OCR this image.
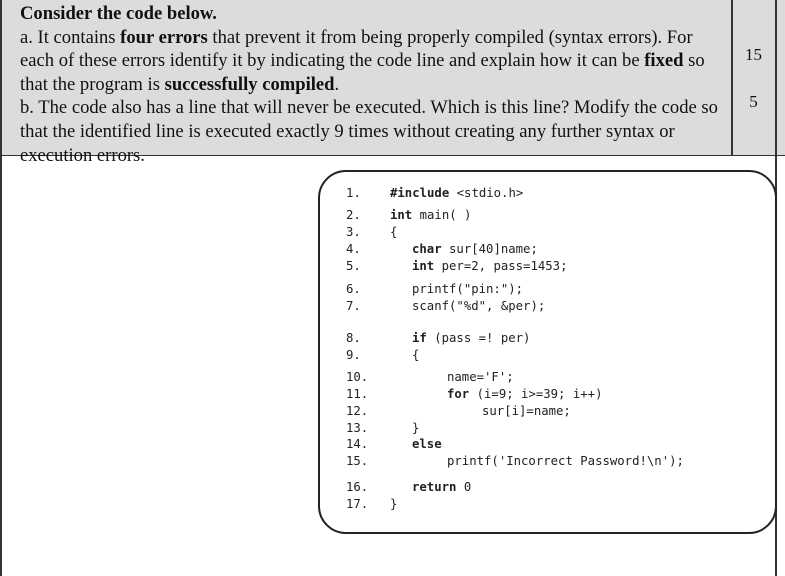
Consider the code below.

a. It contains four errors that prevent it from being properly compiled (syntax errors). For each of these errors identify it by indicating the code line and explain how it can be fixed so that the program is successfully compiled.

b. The code also has a line that will never be executed. Which is this line? Modify the code so that the identified line is executed exactly 9 times without creating any further syntax or execution errors.

15
5
1. #include <stdio.h>
2. int main( )
3. {
4.	char sur[40]name;
5.	int per=2, pass=1453;
6.	printf("pin:");
7.	scanf("%d", &per);
8.	if (pass =! per)
9.	{
10.	name='F';
11.	for (i=9; i>=39; i++)
12.	sur[i]=name;
13.	}
14.	else
15.	printf('Incorrect Password!\n');
16.	return 0
17. }
